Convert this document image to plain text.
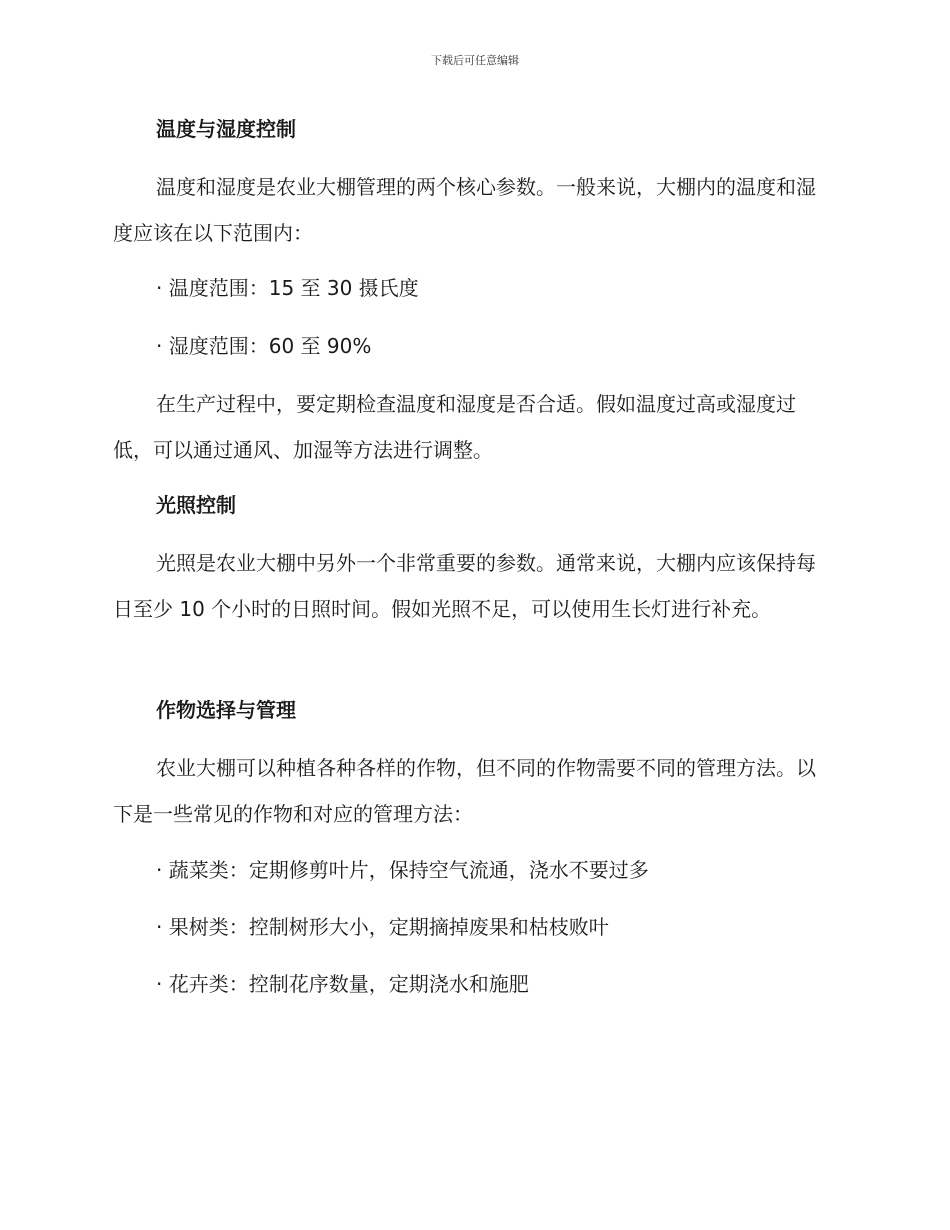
下载后可任意编辑
温度与湿度控制
温度和湿度是农业大棚管理的两个核心参数。一般来说，大棚内的温度和湿度应该在以下范围内：
· 温度范围：15 至 30 摄氏度
· 湿度范围：60 至 90%
在生产过程中，要定期检查温度和湿度是否合适。假如温度过高或湿度过低，可以通过通风、加湿等方法进行调整。
光照控制
光照是农业大棚中另外一个非常重要的参数。通常来说，大棚内应该保持每日至少 10 个小时的日照时间。假如光照不足，可以使用生长灯进行补充。
作物选择与管理
农业大棚可以种植各种各样的作物，但不同的作物需要不同的管理方法。以下是一些常见的作物和对应的管理方法：
· 蔬菜类：定期修剪叶片，保持空气流通，浇水不要过多
· 果树类：控制树形大小，定期摘掉废果和枯枝败叶
· 花卉类：控制花序数量，定期浇水和施肥
